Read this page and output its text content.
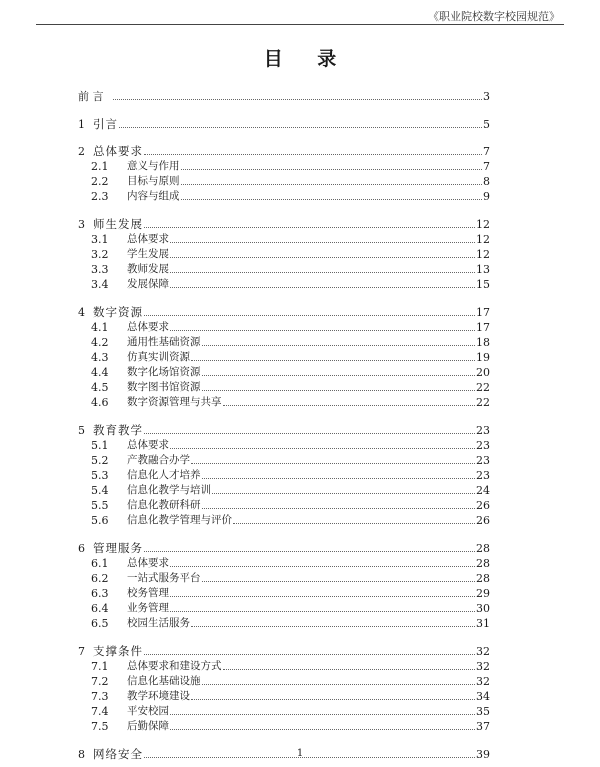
《职业院校数字校园规范》
目 录
前 言	3
1 引言	5
2 总体要求	7
2.1	意义与作用	7
2.2	目标与原则	8
2.3	内容与组成	9
3 师生发展	12
3.1	总体要求	12
3.2	学生发展	12
3.3	教师发展	13
3.4	发展保障	15
4 数字资源	17
4.1	总体要求	17
4.2	通用性基础资源	18
4.3	仿真实训资源	19
4.4	数字化场馆资源	20
4.5	数字图书馆资源	22
4.6	数字资源管理与共享	22
5 教育教学	23
5.1	总体要求	23
5.2	产教融合办学	23
5.3	信息化人才培养	23
5.4	信息化教学与培训	24
5.5	信息化教研科研	26
5.6	信息化教学管理与评价	26
6 管理服务	28
6.1	总体要求	28
6.2	一站式服务平台	28
6.3	校务管理	29
6.4	业务管理	30
6.5	校园生活服务	31
7 支撑条件	32
7.1	总体要求和建设方式	32
7.2	信息化基础设施	32
7.3	教学环境建设	34
7.4	平安校园	35
7.5	后勤保障	37
8 网络安全	39
1
